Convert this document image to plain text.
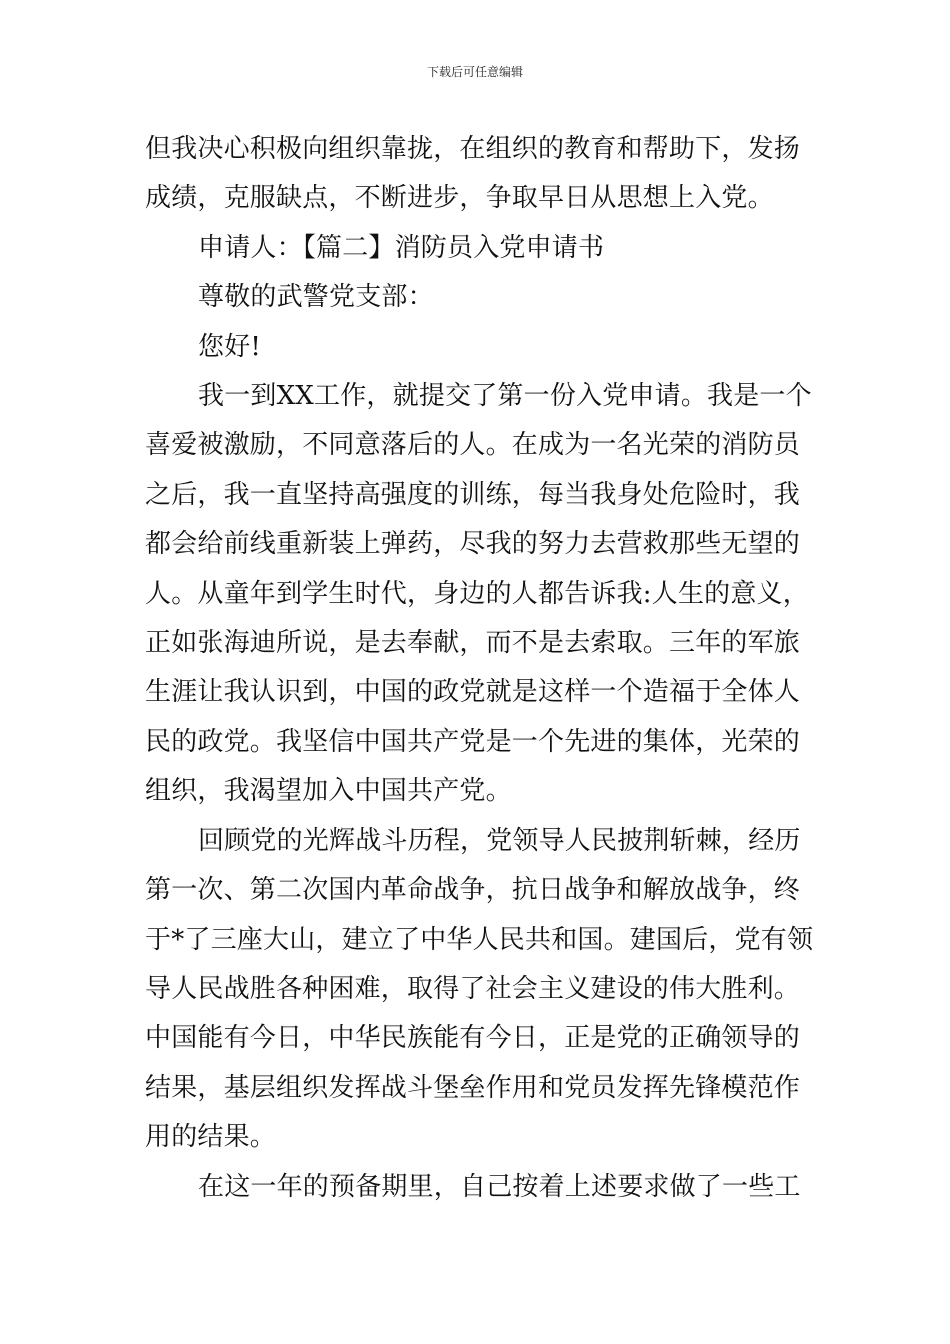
下载后可任意编辑
但我决心积极向组织靠拢，在组织的教育和帮助下，发扬
成绩，克服缺点，不断进步，争取早日从思想上入党。
申请人：【篇二】消防员入党申请书
尊敬的武警党支部：
您好!
我一到XX工作，就提交了第一份入党申请。我是一个
喜爱被激励，不同意落后的人。在成为一名光荣的消防员
之后，我一直坚持高强度的训练，每当我身处危险时，我
都会给前线重新装上弹药，尽我的努力去营救那些无望的
人。从童年到学生时代，身边的人都告诉我:人生的意义，
正如张海迪所说，是去奉献，而不是去索取。三年的军旅
生涯让我认识到，中国的政党就是这样一个造福于全体人
民的政党。我坚信中国共产党是一个先进的集体，光荣的
组织，我渴望加入中国共产党。
回顾党的光辉战斗历程，党领导人民披荆斩棘，经历
第一次、第二次国内革命战争，抗日战争和解放战争，终
于*了三座大山，建立了中华人民共和国。建国后，党有领
导人民战胜各种困难，取得了社会主义建设的伟大胜利。
中国能有今日，中华民族能有今日，正是党的正确领导的
结果，基层组织发挥战斗堡垒作用和党员发挥先锋模范作
用的结果。
在这一年的预备期里，自己按着上述要求做了一些工
